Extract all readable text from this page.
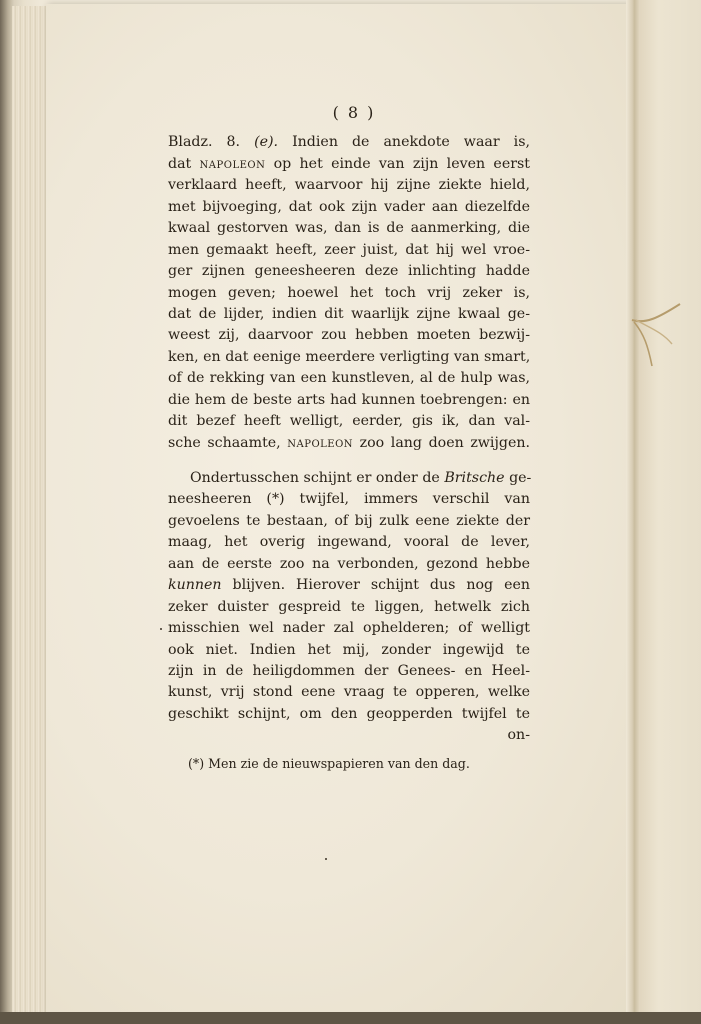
( 8 )
Bladz. 8. (e). Indien de anekdote waar is,
dat napoleon op het einde van zijn leven eerst
verklaard heeft, waarvoor hij zijne ziekte hield,
met bijvoeging, dat ook zijn vader aan diezelfde
kwaal gestorven was, dan is de aanmerking, die
men gemaakt heeft, zeer juist, dat hij wel vroe-
ger zijnen geneesheeren deze inlichting hadde
mogen geven; hoewel het toch vrij zeker is,
dat de lijder, indien dit waarlijk zijne kwaal ge-
weest zij, daarvoor zou hebben moeten bezwij-
ken, en dat eenige meerdere verligting van smart,
of de rekking van een kunstleven, al de hulp was,
die hem de beste arts had kunnen toebrengen: en
dit bezef heeft welligt, eerder, gis ik, dan val-
sche schaamte, napoleon zoo lang doen zwijgen.
Ondertusschen schijnt er onder de Britsche ge-
neesheeren (*) twijfel, immers verschil van
gevoelens te bestaan, of bij zulk eene ziekte der
maag, het overig ingewand, vooral de lever,
aan de eerste zoo na verbonden, gezond hebbe
kunnen blijven. Hierover schijnt dus nog een
zeker duister gespreid te liggen, hetwelk zich
misschien wel nader zal ophelderen; of welligt
ook niet. Indien het mij, zonder ingewijd te
zijn in de heiligdommen der Genees- en Heel-
kunst, vrij stond eene vraag te opperen, welke
geschikt schijnt, om den geopperden twijfel te
on-
(*) Men zie de nieuwspapieren van den dag.
